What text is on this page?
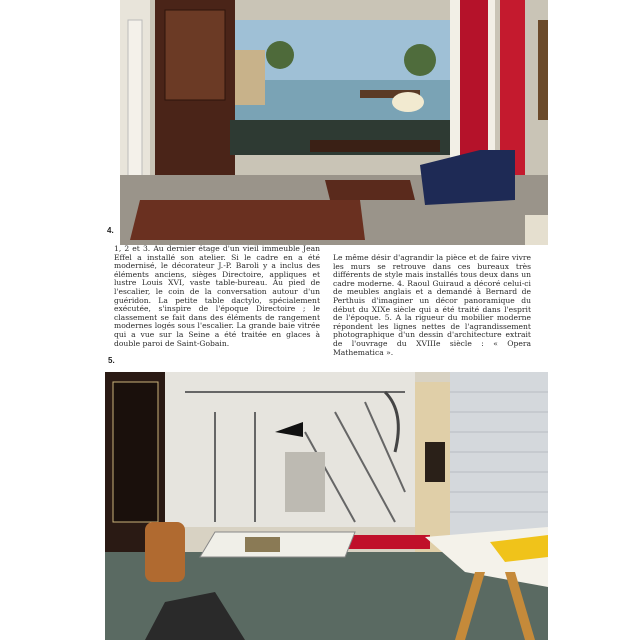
4.
1, 2 et 3. Au dernier étage d'un vieil immeuble Jean Effel a installé son atelier. Si le cadre en a été modernisé, le décorateur J.-P. Baroli y a inclus des éléments anciens, sièges Directoire, appliques et lustre Louis XVI, vaste table-bureau. Au pied de l'escalier, le coin de la conversation autour d'un guéridon. La petite table dactylo, spécialement exécutée, s'inspire de l'époque Directoire ; le classement se fait dans des éléments de rangement modernes logés sous l'escalier. La grande baie vitrée qui a vue sur la Seine a été traitée en glaces à double paroi de Saint-Gobain.
Le même désir d'agrandir la pièce et de faire vivre les murs se retrouve dans ces bureaux très différents de style mais installés tous deux dans un cadre moderne. 4. Raoul Guiraud a décoré celui-ci de meubles anglais et a demandé à Bernard de Perthuis d'imaginer un décor panoramique du début du XIXe siècle qui a été traité dans l'esprit de l'époque. 5. A la rigueur du mobilier moderne répondent les lignes nettes de l'agrandissement photographique d'un dessin d'architecture extrait de l'ouvrage du XVIIIe siècle : « Opera Mathematica ».
5.
